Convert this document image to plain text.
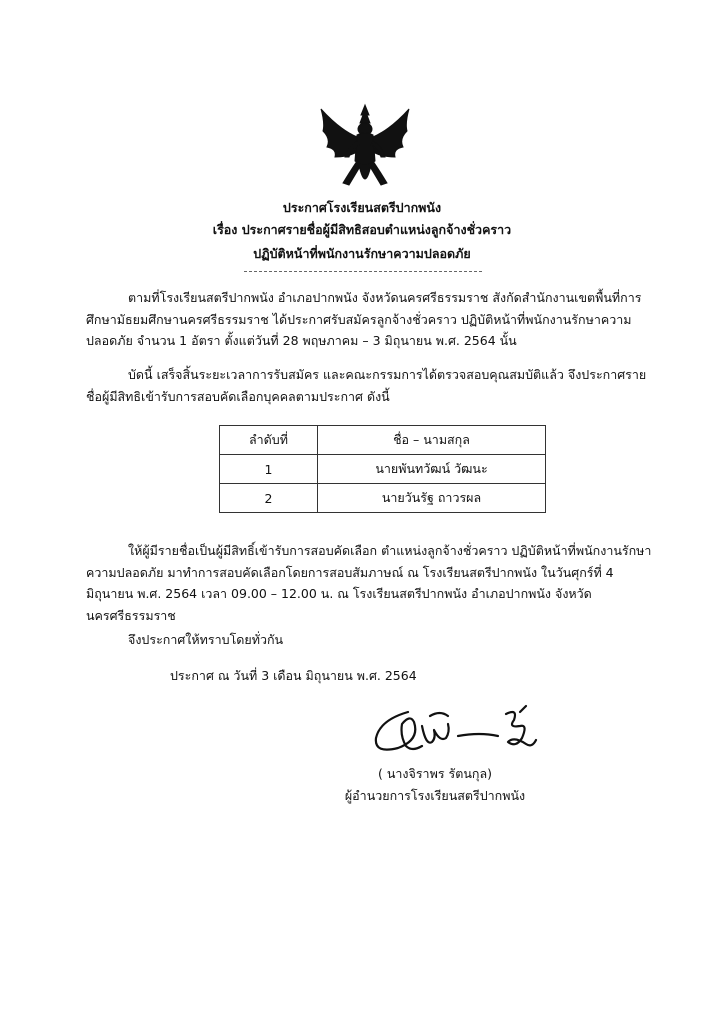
ประกาศโรงเรียนสตรีปากพนัง
เรื่อง ประกาศรายชื่อผู้มีสิทธิสอบตำแหน่งลูกจ้างชั่วคราว
ปฏิบัติหน้าที่พนักงานรักษาความปลอดภัย

ตามที่โรงเรียนสตรีปากพนัง อำเภอปากพนัง จังหวัดนครศรีธรรมราช สังกัดสำนักงานเขตพื้นที่การศึกษามัธยมศึกษานครศรีธรรมราช ได้ประกาศรับสมัครลูกจ้างชั่วคราว ปฏิบัติหน้าที่พนักงานรักษาความปลอดภัย จำนวน 1 อัตรา ตั้งแต่วันที่ 28 พฤษภาคม – 3 มิถุนายน พ.ศ. 2564 นั้น

บัดนี้ เสร็จสิ้นระยะเวลาการรับสมัคร และคณะกรรมการได้ตรวจสอบคุณสมบัติแล้ว จึงประกาศรายชื่อผู้มีสิทธิเข้ารับการสอบคัดเลือกบุคคลตามประกาศ ดังนี้

ลำดับที่	ชื่อ – นามสกุล
1	นายพันทวัฒน์ วัฒนะ
2	นายวันรัฐ ถาวรผล

ให้ผู้มีรายชื่อเป็นผู้มีสิทธิ์เข้ารับการสอบคัดเลือก ตำแหน่งลูกจ้างชั่วคราว ปฏิบัติหน้าที่พนักงานรักษาความปลอดภัย มาทำการสอบคัดเลือกโดยการสอบสัมภาษณ์ ณ โรงเรียนสตรีปากพนัง ในวันศุกร์ที่ 4 มิถุนายน พ.ศ. 2564 เวลา 09.00 – 12.00 น. ณ โรงเรียนสตรีปากพนัง อำเภอปากพนัง จังหวัดนครศรีธรรมราช

จึงประกาศให้ทราบโดยทั่วกัน
ประกาศ ณ วันที่ 3 เดือน มิถุนายน พ.ศ. 2564
( นางจิราพร รัตนกุล)
ผู้อำนวยการโรงเรียนสตรีปากพนัง
